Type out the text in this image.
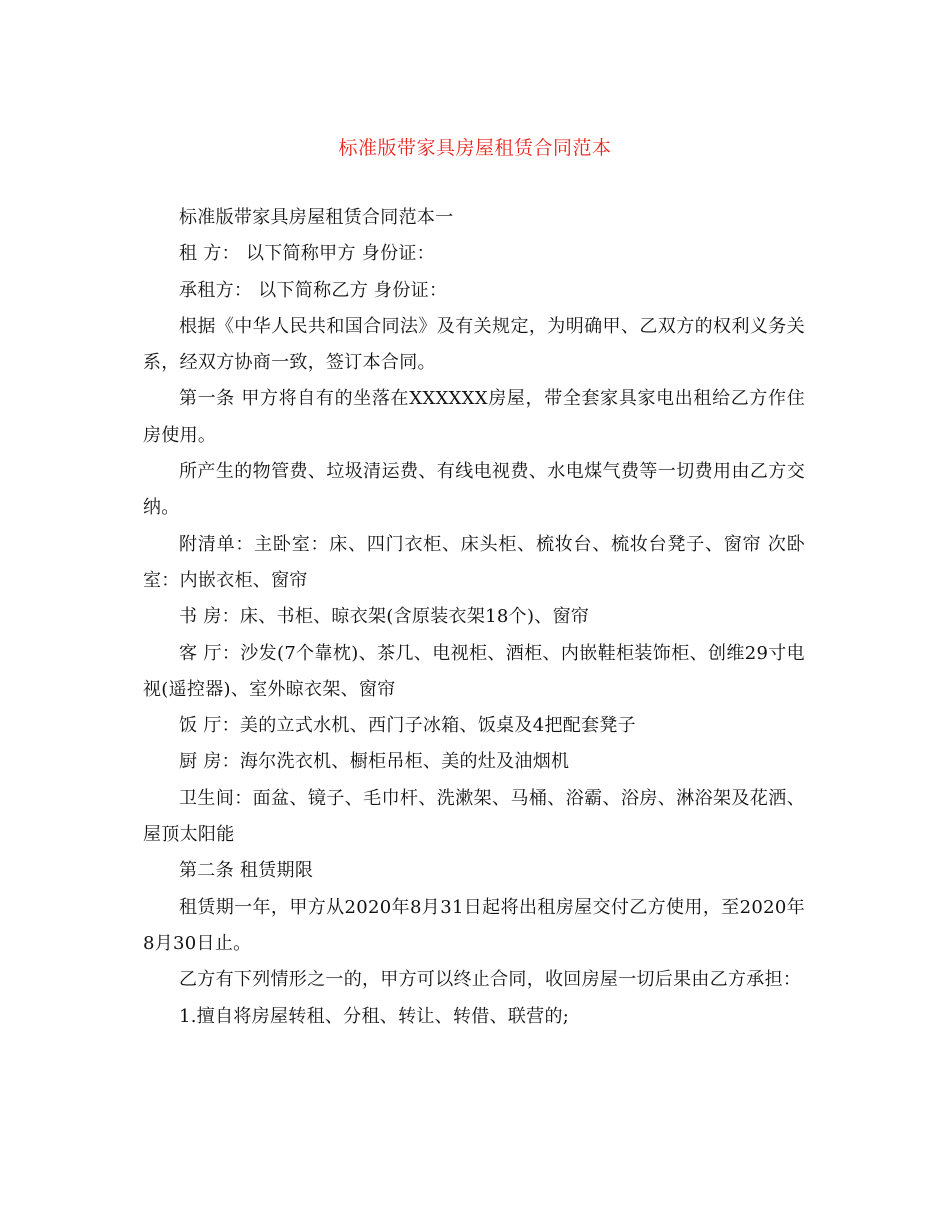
标准版带家具房屋租赁合同范本

标准版带家具房屋租赁合同范本一

租 方： 以下简称甲方 身份证：

承租方： 以下简称乙方 身份证：

根据《中华人民共和国合同法》及有关规定，为明确甲、乙双方的权利义务关系，经双方协商一致，签订本合同。

第一条 甲方将自有的坐落在XXXXXX房屋，带全套家具家电出租给乙方作住房使用。

所产生的物管费、垃圾清运费、有线电视费、水电煤气费等一切费用由乙方交纳。

附清单：主卧室：床、四门衣柜、床头柜、梳妆台、梳妆台凳子、窗帘 次卧室：内嵌衣柜、窗帘

书 房：床、书柜、晾衣架(含原装衣架18个)、窗帘

客 厅：沙发(7个靠枕)、茶几、电视柜、酒柜、内嵌鞋柜装饰柜、创维29寸电视(遥控器)、室外晾衣架、窗帘

饭 厅：美的立式水机、西门子冰箱、饭桌及4把配套凳子

厨 房：海尔洗衣机、橱柜吊柜、美的灶及油烟机

卫生间：面盆、镜子、毛巾杆、洗漱架、马桶、浴霸、浴房、淋浴架及花洒、屋顶太阳能

第二条 租赁期限

租赁期一年，甲方从2020年8月31日起将出租房屋交付乙方使用，至2020年8月30日止。

乙方有下列情形之一的，甲方可以终止合同，收回房屋一切后果由乙方承担：

1.擅自将房屋转租、分租、转让、转借、联营的;
